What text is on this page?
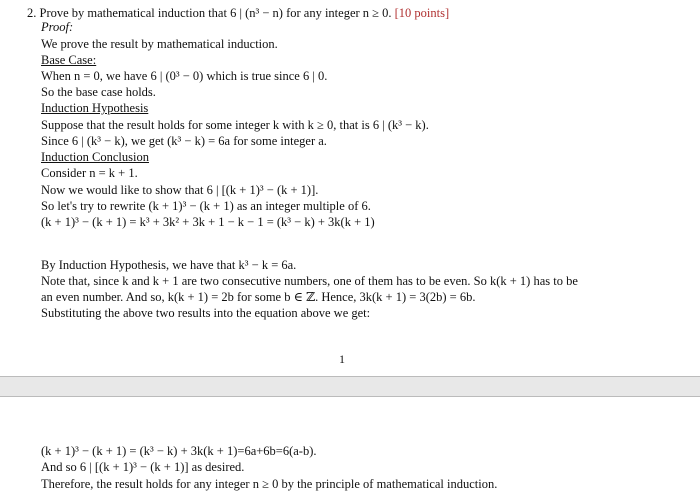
2. Prove by mathematical induction that 6 | (n³ − n) for any integer n ≥ 0. [10 points]
Proof:
We prove the result by mathematical induction.
Base Case:
When n = 0, we have 6 | (0³ − 0) which is true since 6 | 0.
So the base case holds.
Induction Hypothesis
Suppose that the result holds for some integer k with k ≥ 0, that is 6 | (k³ − k).
Since 6 | (k³ − k), we get (k³ − k) = 6a for some integer a.
Induction Conclusion
Consider n = k + 1.
Now we would like to show that 6 | [(k + 1)³ − (k + 1)].
So let's try to rewrite (k + 1)³ − (k + 1) as an integer multiple of 6.
(k + 1)³ − (k + 1) = k³ + 3k² + 3k + 1 − k − 1 = (k³ − k) + 3k(k + 1)
By Induction Hypothesis, we have that k³ − k = 6a.
Note that, since k and k + 1 are two consecutive numbers, one of them has to be even. So k(k + 1) has to be
an even number. And so, k(k + 1) = 2b for some b ∈ ℤ. Hence, 3k(k + 1) = 3(2b) = 6b.
Substituting the above two results into the equation above we get:
1
(k + 1)³ − (k + 1) = (k³ − k) + 3k(k + 1)=6a+6b=6(a-b).
And so 6 | [(k + 1)³ − (k + 1)] as desired.
Therefore, the result holds for any integer n ≥ 0 by the principle of mathematical induction.
